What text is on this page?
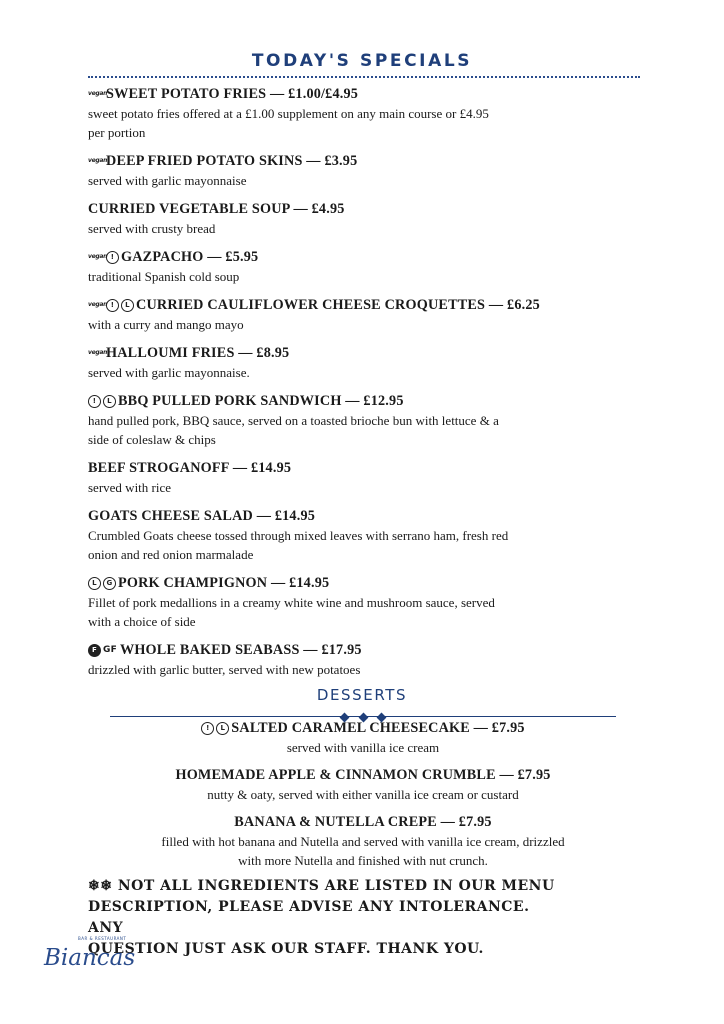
TODAY'S SPECIALS
vegan
SWEET POTATO FRIES — £1.00/£4.95
sweet potato fries offered at a £1.00 supplement on any main course or £4.95
per portion
vegan
DEEP FRIED POTATO SKINS — £3.95
served with garlic mayonnaise
CURRIED VEGETABLE SOUP — £4.95
served with crusty bread
vegan ! GAZPACHO — £5.95
traditional Spanish cold soup
vegan !	L CURRIED CAULIFLOWER CHEESE CROQUETTES — £6.25
with a curry and mango mayo
vegan
HALLOUMI FRIES — £8.95
served with garlic mayonnaise.
!	L BBQ PULLED PORK SANDWICH — £12.95
hand pulled pork, BBQ sauce, served on a toasted brioche bun with lettuce & a
side of coleslaw & chips
BEEF STROGANOFF — £14.95
served with rice
GOATS CHEESE SALAD — £14.95
Crumbled Goats cheese tossed through mixed leaves with serrano ham, fresh red
onion and red onion marmalade
L	G PORK CHAMPIGNON — £14.95
Fillet of pork medallions in a creamy white wine and mushroom sauce, served
with a choice of side
F GF WHOLE BAKED SEABASS — £17.95
drizzled with garlic butter, served with new potatoes
DESSERTS
!	L SALTED CARAMEL CHEESECAKE — £7.95
served with vanilla ice cream
HOMEMADE APPLE & CINNAMON CRUMBLE — £7.95
nutty & oaty, served with either vanilla ice cream or custard
BANANA & NUTELLA CREPE — £7.95
filled with hot banana and Nutella and served with vanilla ice cream, drizzled
with more Nutella and finished with nut crunch.
❄❄ NOT ALL INGREDIENTS ARE LISTED IN OUR MENU
DESCRIPTION, PLEASE ADVISE ANY INTOLERANCE. ANY
QUESTION JUST ASK OUR STAFF. THANK YOU.
BAR & RESTAURANT
Biancas
